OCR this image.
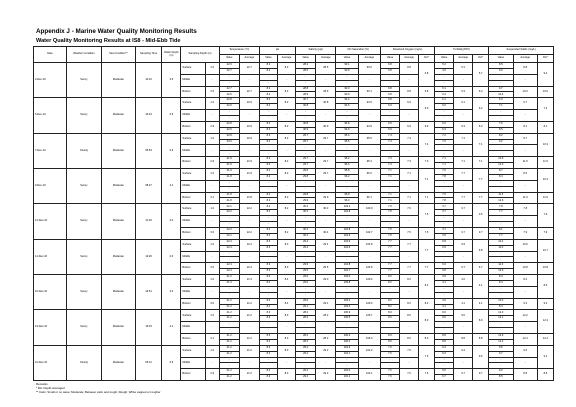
Appendix J - Marine Water Quality Monitoring Results
Water Quality Monitoring Results at IS8 - Mid-Ebb Tide
Date	Weather Condition	Sea Condition**	Sampling Time	Water Depth (m)	Sampling Depth (m)		Temperature (°C)		pH		Salinity (ppt)		DO Saturation (%)		Dissolved Oxygen (mg/L)			Turbidity(NTU)			Suspended Solids (mg/L)		
							Value	Average	Value	Average	Value	Average	Value	Average	Value	Average	DA*	Value	Average	DA*	Value	Average	DA*
2-Dec-16	Sunny	Moderate	14:16	3.6	Surface	1.0	22.6	22.7	8.2	8.2	28.4	28.5	93.1	93.0	6.8	6.8	6.8	5.2	5.1	5.7	8.5	8.8	9.4
							22.7		8.2		28.6		92.8		6.8			4.9			9.0		
					Middle	-	-	-	-	-	-	-	-	-	-	-		-	-		-	-	
							-		-		-		-		-			-			-		
					Bottom	2.6	22.7	22.7	8.2	8.2	28.8	28.9	93.3	93.1	6.8	6.8	6.8	6.1	6.3	6.3	9.7	10.0	10.0
							22.6		8.2		28.9		92.9		6.8			6.4			10.4		
5-Dec-16	Sunny	Moderate	16:24	3.9	Surface	1.0	22.8	22.9	8.2	8.2	30.7	30.8	94.4	94.5	6.8	6.9	6.9	6.1	6.1	6.2	6.3	6.7	7.4
							22.9		8.2		30.8		94.6		6.9			6.0			7.1		
					Middle	-	-	-	-	-	-	-	-	-	-	-		-	-		-	-	
							-		-		-		-		-			-			-		
					Bottom	2.9	22.8	22.9	8.2	8.2	30.8	30.9	94.8	94.9	6.9	6.9	6.9	6.2	6.3	6.3	7.6	8.1	8.1
							22.9		8.2		30.9		94.9		6.9			6.3			8.5		
7-Dec-16	Cloudy	Moderate	05:53	3.9	Surface	1.0	22.8	22.9	8.2	8.2	29.7	29.7	95.4	95.5	7.4	7.4	7.4	7.2	7.1	7.1	8.2	8.7	10.3
							23.0		8.2		29.7		95.5		7.4			7.0			9.2		
					Middle	-	-	-	-	-	-	-	-	-	-	-		-	-		-	-	
							-		-		-		-		-			-			-		
					Bottom	2.9	21.9	21.9	8.2	8.2	29.7	29.7	95.2	95.3	7.3	7.3	7.3	7.1	7.1	7.1	10.6	11.5	11.5
							21.9		8.2		29.7		95.4		7.3			7.1			12.3		
9-Dec-16	Sunny	Moderate	08:27	4.1	Surface	1.0	21.9	21.9	8.2	8.2	29.6	29.7	95.8	96.0	7.1	7.1	7.1	7.6	7.7	7.7	8.7	8.6	10.3
							21.8		8.2		29.8		96.2		7.1			7.8			8.4		
					Middle	-	-	-	-	-	-	-	-	-	-	-		-	-		-	-	
							-		-		-		-		-			-			-		
					Bottom	3.1	21.8	21.8	8.2	8.2	29.8	29.9	95.9	96.1	7.1	7.1	7.1	7.5	7.7	7.7	11.3	11.9	11.9
							21.8		8.2		29.9		96.3		7.1			7.8			12.6		
12-Dec-16	Sunny	Moderate	11:33	4.0	Surface	1.0	22.1	22.2	8.2	8.2	30.2	30.3	103.2	103.0	7.6	7.6	7.5	3.7	3.7	3.6	7.8	7.8	7.9
							22.2		8.2		30.3		102.8		7.5			3.7			7.7		
					Middle	-	-	-	-	-	-	-	-	-	-	-		-	-		-	-	
							-		-		-		-		-			-			-		
					Bottom	3.0	22.2	22.2	8.2	8.2	30.3	30.4	102.8	102.7	7.5	7.5	7.5	3.7	3.7	3.7	8.1	7.9	7.9
							22.1		8.2		30.4		102.6		7.5			3.6			7.7		
14-Dec-16	Sunny	Moderate	12:26	4.0	Surface	1.0	22.4	22.4	8.3	8.3	29.4	29.4	104.9	104.8	7.7	7.7	7.7	6.8	6.9	6.8	10.1	10.6	10.7
							22.4		8.3		29.4		104.6		7.7			6.9			11.0		
					Middle	-	-	-	-	-	-	-	-	-	-	-		-	-		-	-	
							-		-		-		-		-			-			-		
					Bottom	3.0	22.4	22.4	8.3	8.3	29.5	29.5	104.8	104.8	7.7	7.7	7.7	6.6	6.7	6.7	11.0	10.8	10.8
							22.4		8.3		29.5		104.7		7.7			6.8			10.6		
16-Dec-16	Sunny	Moderate	13:51	4.0	Surface	1.0	21.2	21.3	8.4	8.4	29.0	29.0	109.0	109.4	8.2	8.2	8.2	3.9	4.0	4.1	8.4	8.4	8.9
							21.3		8.4		29.0		109.8		8.2			4.1			8.4		
					Middle	-	-	-	-	-	-	-	-	-	-	-		-	-		-	-	
							-		-		-		-		-			-			-		
					Bottom	3.0	21.2	21.2	8.4	8.4	29.0	29.1	109.2	109.3	8.2	8.2	8.2	4.0	4.1	4.1	10.2	9.3	9.3
							21.2		8.4		29.1		109.3		8.2			4.1			8.4		
19-Dec-16	Sunny	Moderate	16:33	4.1	Surface	1.0	21.2	21.2	8.3	8.3	28.2	28.2	106.9	106.7	8.0	8.0	8.0	9.0	9.0	8.9	12.3	12.2	12.3
							21.2		8.3		28.2		106.5		8.0			9.0			12.1		
					Middle	-	-	-	-	-	-	-	-	-	-	-		-	-		-	-	
							-		-		-		-		-			-			-		
					Bottom	3.1	21.2	21.2	8.3	8.3	28.2	28.2	106.3	106.3	8.0	8.0	8.0	8.8	8.8	8.8	12.6	12.4	12.4
							21.2		8.3		28.2		106.2		8.0			8.8			12.2		
21-Dec-16	Cloudy	Moderate	06:12	3.9	Surface	1.0	21.2	21.2	8.3	8.3	29.2	29.2	102.3	102.2	7.6	7.6	7.6	9.4	9.4	9.5	9.5	9.6	9.2
							21.2		8.3		29.2		102.1		7.6			9.3			9.7		
					Middle	-	-	-	-	-	-	-	-	-	-	-		-	-		-	-	
							-		-		-		-		-			-			-		
					Bottom	2.9	21.2	21.2	8.3	8.3	29.2	29.2	102.0	102.1	7.6	7.6	7.6	9.6	9.7	9.7	9.0	8.8	8.8
							21.2		8.3		29.2		102.1		7.6			9.7			8.5		
Remarks:
* DA: Depth-Averaged
** Calm: Small or no wave; Moderate: Between calm and rough; Rough: White capped or rougher
